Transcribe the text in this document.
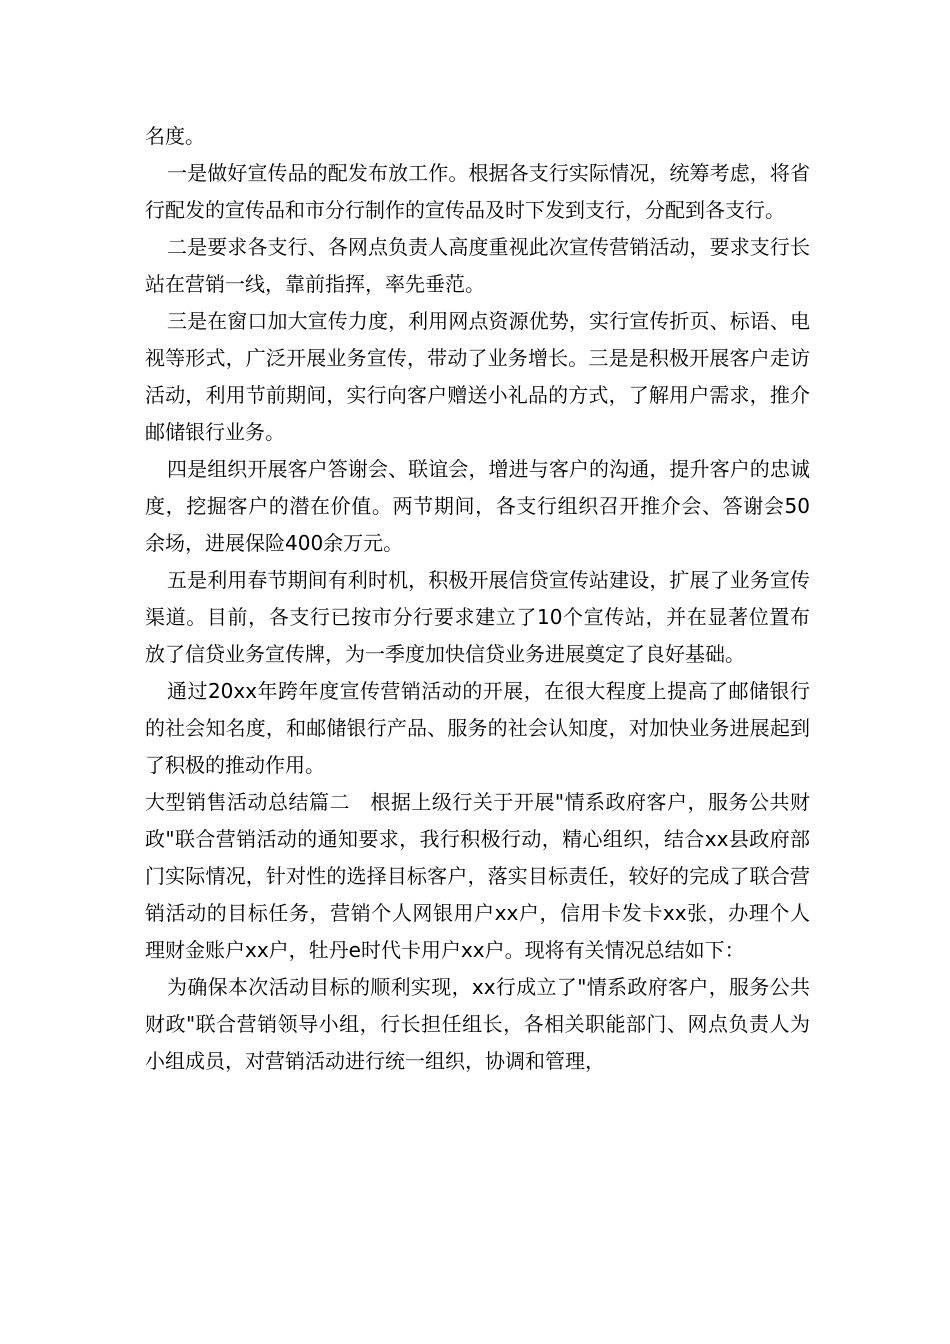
名度。

一是做好宣传品的配发布放工作。根据各支行实际情况，统筹考虑，将省行配发的宣传品和市分行制作的宣传品及时下发到支行，分配到各支行。

二是要求各支行、各网点负责人高度重视此次宣传营销活动，要求支行长站在营销一线，靠前指挥，率先垂范。

三是在窗口加大宣传力度，利用网点资源优势，实行宣传折页、标语、电视等形式，广泛开展业务宣传，带动了业务增长。三是是积极开展客户走访活动，利用节前期间，实行向客户赠送小礼品的方式，了解用户需求，推介邮储银行业务。

四是组织开展客户答谢会、联谊会，增进与客户的沟通，提升客户的忠诚度，挖掘客户的潜在价值。两节期间，各支行组织召开推介会、答谢会50余场，进展保险400余万元。

五是利用春节期间有利时机，积极开展信贷宣传站建设，扩展了业务宣传渠道。目前，各支行已按市分行要求建立了10个宣传站，并在显著位置布放了信贷业务宣传牌，为一季度加快信贷业务进展奠定了良好基础。

通过20xx年跨年度宣传营销活动的开展，在很大程度上提高了邮储银行的社会知名度，和邮储银行产品、服务的社会认知度，对加快业务进展起到了积极的推动作用。

大型销售活动总结篇二　根据上级行关于开展"情系政府客户，服务公共财政"联合营销活动的通知要求，我行积极行动，精心组织，结合xx县政府部门实际情况，针对性的选择目标客户，落实目标责任，较好的完成了联合营销活动的目标任务，营销个人网银用户xx户，信用卡发卡xx张，办理个人理财金账户xx户，牡丹e时代卡用户xx户。现将有关情况总结如下：

为确保本次活动目标的顺利实现，xx行成立了"情系政府客户，服务公共财政"联合营销领导小组，行长担任组长，各相关职能部门、网点负责人为小组成员，对营销活动进行统一组织，协调和管理，
